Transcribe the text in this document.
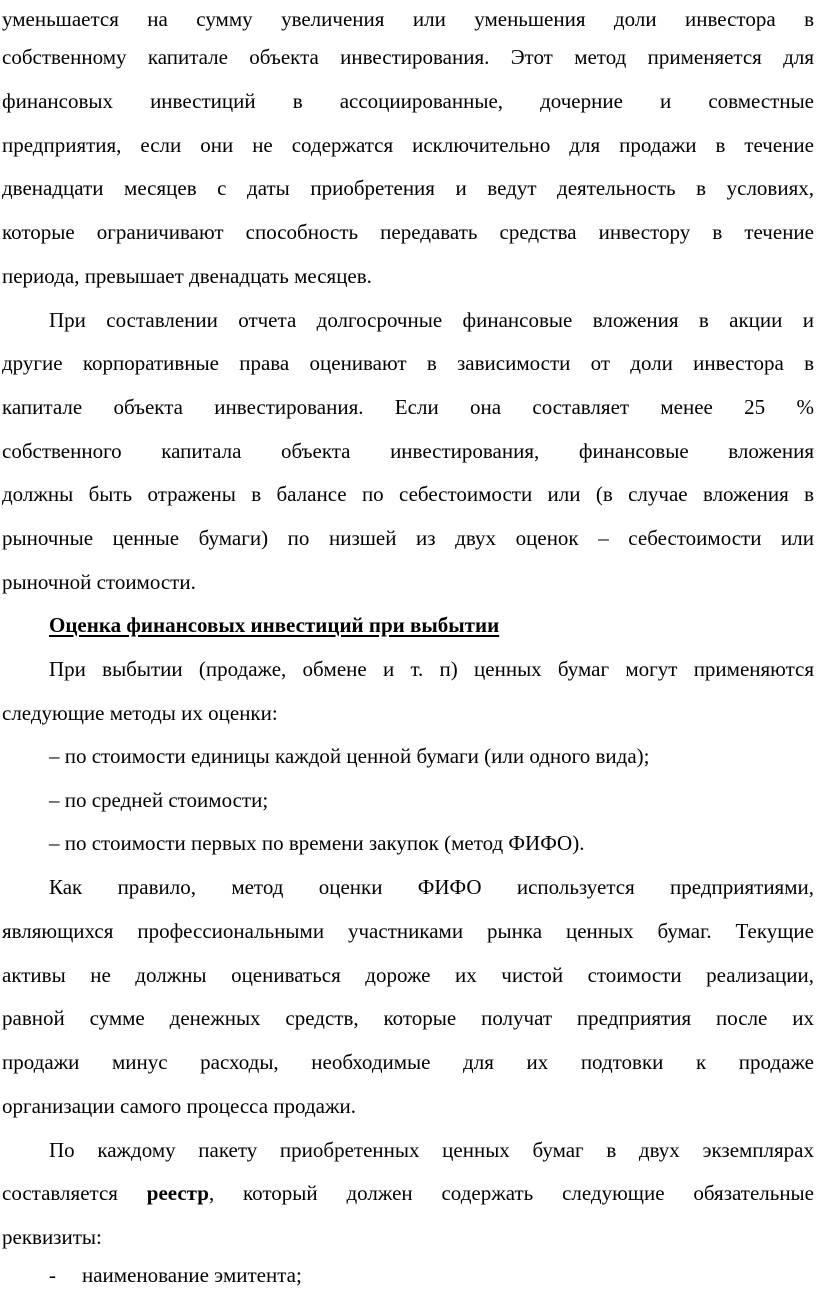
уменьшается на сумму увеличения или уменьшения доли инвестора в
собственному капитале объекта инвестирования. Этот метод применяется для
финансовых инвестиций в ассоциированные, дочерние и совместные
предприятия, если они не содержатся исключительно для продажи в течение
двенадцати месяцев с даты приобретения и ведут деятельность в условиях,
которые ограничивают способность передавать средства инвестору в течение
периода, превышает двенадцать месяцев.
При составлении отчета долгосрочные финансовые вложения в акции и
другие корпоративные права оценивают в зависимости от доли инвестора в
капитале объекта инвестирования. Если она составляет менее 25 %
собственного капитала объекта инвестирования, финансовые вложения
должны быть отражены в балансе по себестоимости или (в случае вложения в
рыночные ценные бумаги) по низшей из двух оценок – себестоимости или
рыночной стоимости.
Оценка финансовых инвестиций при выбытии
При выбытии (продаже, обмене и т. п) ценных бумаг могут применяются
следующие методы их оценки:
– по стоимости единицы каждой ценной бумаги (или одного вида);
– по средней стоимости;
– по стоимости первых по времени закупок (метод ФИФО).
Как правило, метод оценки ФИФО используется предприятиями,
являющихся профессиональными участниками рынка ценных бумаг. Текущие
активы не должны оцениваться дороже их чистой стоимости реализации,
равной сумме денежных средств, которые получат предприятия после их
продажи минус расходы, необходимые для их подтовки к продаже
организации самого процесса продажи.
По каждому пакету приобретенных ценных бумаг в двух экземплярах
составляется реестр, который должен содержать следующие обязательные
реквизиты:
- наименование эмитента;
